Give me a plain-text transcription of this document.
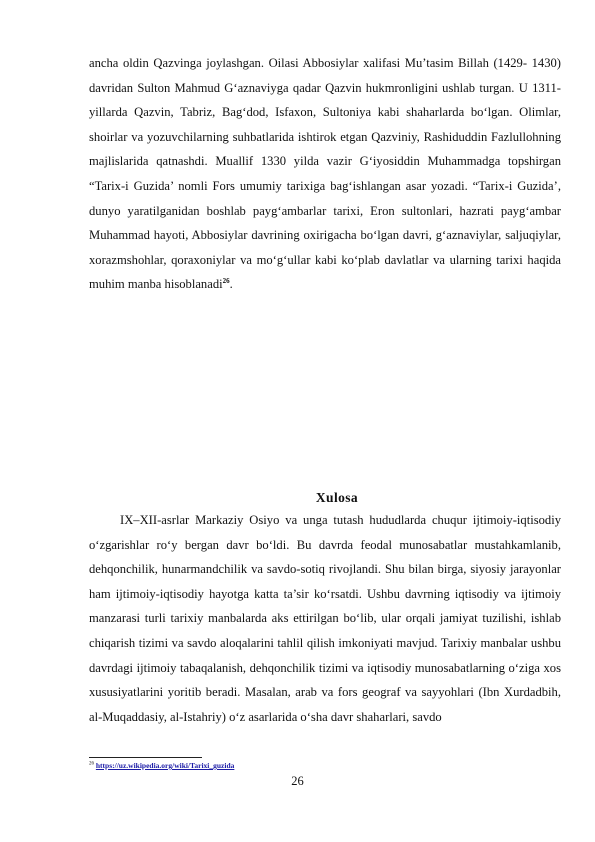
ancha oldin Qazvinga joylashgan. Oilasi Abbosiylar xalifasi Mu’tasim Billah (1429- 1430) davridan Sulton Mahmud G‘aznaviyga qadar Qazvin hukmronligini ushlab turgan. U 1311-yillarda Qazvin, Tabriz, Bag‘dod, Isfaxon, Sultoniya kabi shaharlarda bo‘lgan. Olimlar, shoirlar va yozuvchilarning suhbatlarida ishtirok etgan Qazviniy, Rashiduddin Fazlullohning majlislarida qatnashdi. Muallif 1330 yilda vazir G‘iyosiddin Muhammadga topshirgan “Tarix-i Guzida’ nomli Fors umumiy tarixiga bag‘ishlangan asar yozadi. “Tarix-i Guzida’, dunyo yaratilganidan boshlab payg‘ambarlar tarixi, Eron sultonlari, hazrati payg‘ambar Muhammad hayoti, Abbosiylar davrining oxirigacha bo‘lgan davri, g‘aznaviylar, saljuqiylar, xorazmshohlar, qoraxoniylar va mo‘g‘ullar kabi ko‘plab davlatlar va ularning tarixi haqida muhim manba hisoblanadi$^{26}$.

Xulosa

IX–XII-asrlar Markaziy Osiyo va unga tutash hududlarda chuqur ijtimoiy-iqtisodiy o‘zgarishlar ro‘y bergan davr bo‘ldi. Bu davrda feodal munosabatlar mustahkamlanib, dehqonchilik, hunarmandchilik va savdo-sotiq rivojlandi. Shu bilan birga, siyosiy jarayonlar ham ijtimoiy-iqtisodiy hayotga katta ta’sir ko‘rsatdi. Ushbu davrning iqtisodiy va ijtimoiy manzarasi turli tarixiy manbalarda aks ettirilgan bo‘lib, ular orqali jamiyat tuzilishi, ishlab chiqarish tizimi va savdo aloqalarini tahlil qilish imkoniyati mavjud. Tarixiy manbalar ushbu davrdagi ijtimoiy tabaqalanish, dehqonchilik tizimi va iqtisodiy munosabatlarning o‘ziga xos xususiyatlarini yoritib beradi. Masalan, arab va fors geograf va sayyohlari (Ibn Xurdadbih, al-Muqaddasiy, al-Istahriy) o‘z asarlarida o‘sha davr shaharlari, savdo

$^{26}$ https://uz.wikipedia.org/wiki/Tarixi_guzida
26
